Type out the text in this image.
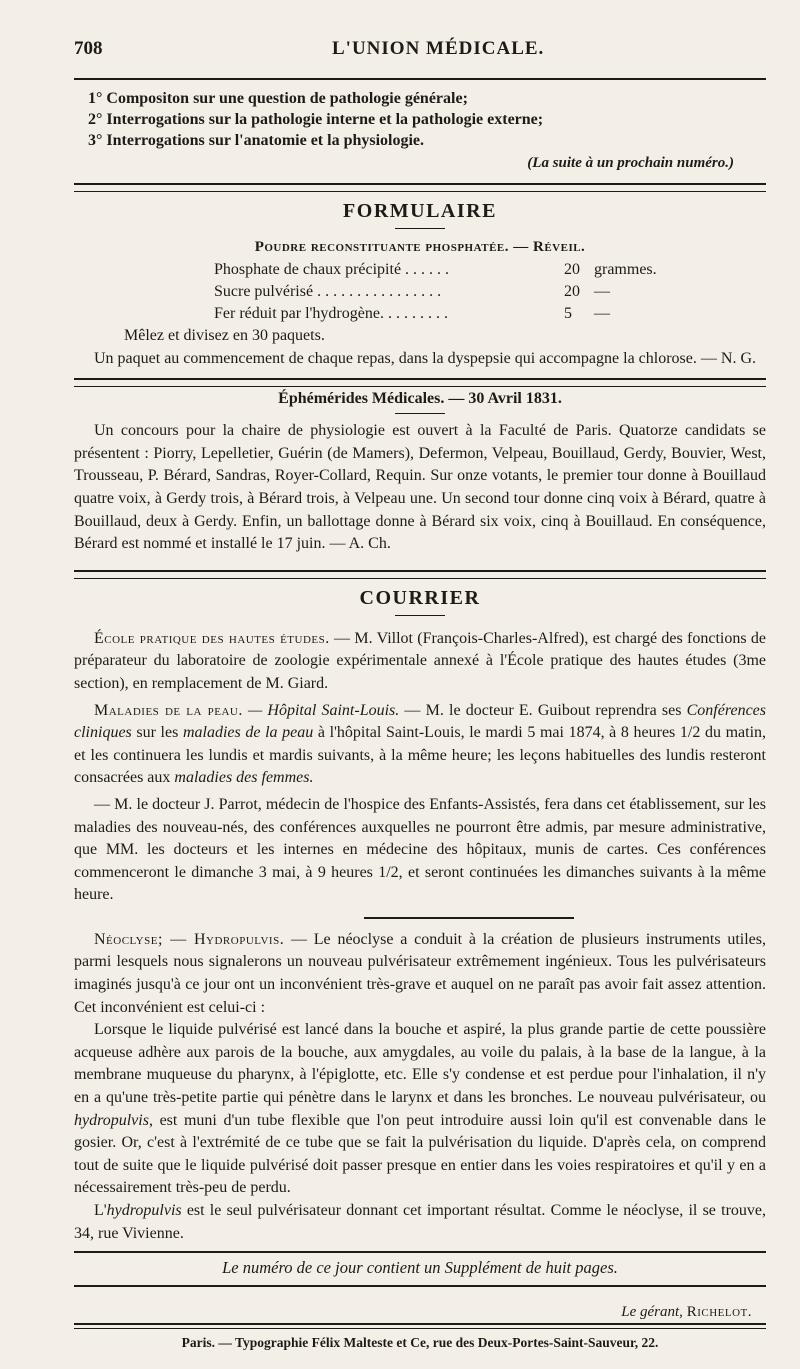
708	L'UNION MÉDICALE.
1° Compositon sur une question de pathologie générale;
2° Interrogations sur la pathologie interne et la pathologie externe;
3° Interrogations sur l'anatomie et la physiologie.
(La suite à un prochain numéro.)
FORMULAIRE
Poudre reconstituante phosphatée. — Réveil.
Phosphate de chaux précipité . . . . . .	20 grammes.
Sucre pulvérisé . . . . . . . . . . . . . . . .	20 —
Fer réduit par l'hydrogène. . . . . . . . .	5	—

Mêlez et divisez en 30 paquets.

Un paquet au commencement de chaque repas, dans la dyspepsie qui accompagne la chlorose. — N. G.

Éphémérides Médicales. — 30 Avril 1831.

Un concours pour la chaire de physiologie est ouvert à la Faculté de Paris. Quatorze candidats se présentent : Piorry, Lepelletier, Guérin (de Mamers), Defermon, Velpeau, Bouillaud, Gerdy, Bouvier, West, Trousseau, P. Bérard, Sandras, Royer-Collard, Requin. Sur onze votants, le premier tour donne à Bouillaud quatre voix, à Gerdy trois, à Bérard trois, à Velpeau une. Un second tour donne cinq voix à Bérard, quatre à Bouillaud, deux à Gerdy. Enfin, un ballottage donne à Bérard six voix, cinq à Bouillaud. En conséquence, Bérard est nommé et installé le 17 juin. — A. Ch.

COURRIER

École pratique des hautes études. — M. Villot (François-Charles-Alfred), est chargé des fonctions de préparateur du laboratoire de zoologie expérimentale annexé à l'École pratique des hautes études (3me section), en remplacement de M. Giard.

Maladies de la peau. — Hôpital Saint-Louis. — M. le docteur E. Guibout reprendra ses Conférences cliniques sur les maladies de la peau à l'hôpital Saint-Louis, le mardi 5 mai 1874, à 8 heures 1/2 du matin, et les continuera les lundis et mardis suivants, à la même heure; les leçons habituelles des lundis resteront consacrées aux maladies des femmes.

— M. le docteur J. Parrot, médecin de l'hospice des Enfants-Assistés, fera dans cet établissement, sur les maladies des nouveau-nés, des conférences auxquelles ne pourront être admis, par mesure administrative, que MM. les docteurs et les internes en médecine des hôpitaux, munis de cartes. Ces conférences commenceront le dimanche 3 mai, à 9 heures 1/2, et seront continuées les dimanches suivants à la même heure.

Néoclyse; — Hydropulvis. — Le néoclyse a conduit à la création de plusieurs instruments utiles, parmi lesquels nous signalerons un nouveau pulvérisateur extrêmement ingénieux. Tous les pulvérisateurs imaginés jusqu'à ce jour ont un inconvénient très-grave et auquel on ne paraît pas avoir fait assez attention. Cet inconvénient est celui-ci :

Lorsque le liquide pulvérisé est lancé dans la bouche et aspiré, la plus grande partie de cette poussière acqueuse adhère aux parois de la bouche, aux amygdales, au voile du palais, à la base de la langue, à la membrane muqueuse du pharynx, à l'épiglotte, etc. Elle s'y condense et est perdue pour l'inhalation, il n'y en a qu'une très-petite partie qui pénètre dans le larynx et dans les bronches. Le nouveau pulvérisateur, ou hydropulvis, est muni d'un tube flexible que l'on peut introduire aussi loin qu'il est convenable dans le gosier. Or, c'est à l'extrémité de ce tube que se fait la pulvérisation du liquide. D'après cela, on comprend tout de suite que le liquide pulvérisé doit passer presque en entier dans les voies respiratoires et qu'il y en a nécessairement très-peu de perdu.

L'hydropulvis est le seul pulvérisateur donnant cet important résultat. Comme le néoclyse, il se trouve, 34, rue Vivienne.

Le numéro de ce jour contient un Supplément de huit pages.
Le gérant, Richelot.
Paris. — Typographie Félix Malteste et Ce, rue des Deux-Portes-Saint-Sauveur, 22.
